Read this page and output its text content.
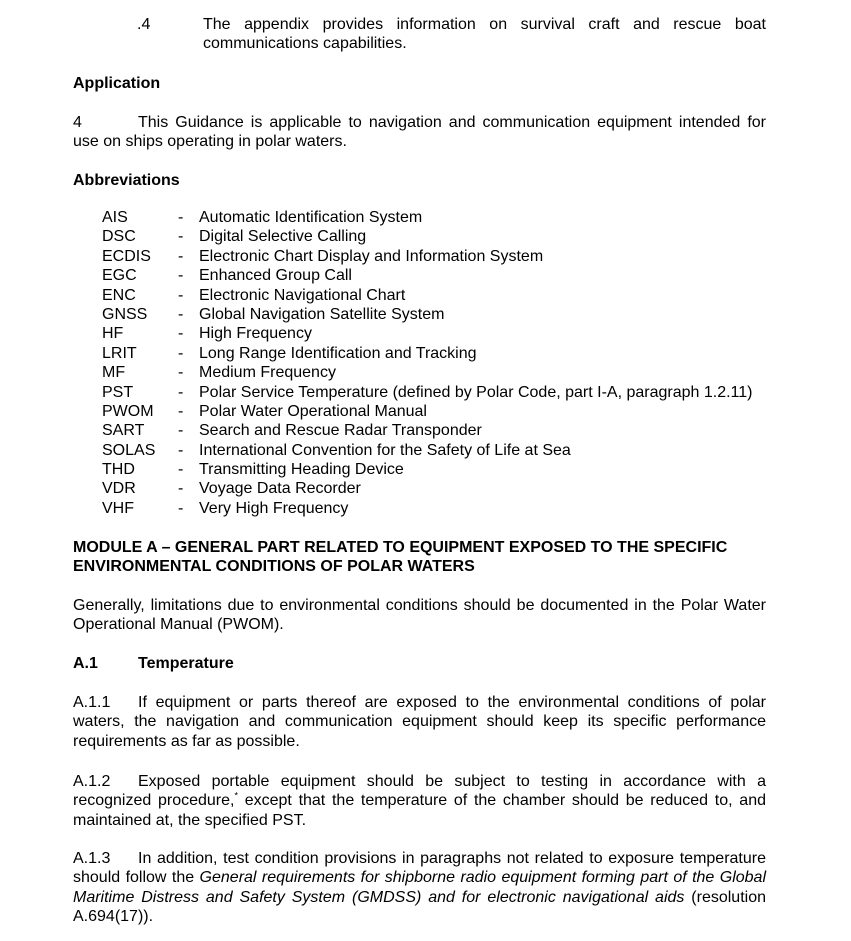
.4	The appendix provides information on survival craft and rescue boat communications capabilities.
Application
4	This Guidance is applicable to navigation and communication equipment intended for use on ships operating in polar waters.
Abbreviations
AIS	- Automatic Identification System
DSC	- Digital Selective Calling
ECDIS	- Electronic Chart Display and Information System
EGC	- Enhanced Group Call
ENC	- Electronic Navigational Chart
GNSS	- Global Navigation Satellite System
HF	- High Frequency
LRIT	- Long Range Identification and Tracking
MF	- Medium Frequency
PST	- Polar Service Temperature (defined by Polar Code, part I-A, paragraph 1.2.11)
PWOM	- Polar Water Operational Manual
SART	- Search and Rescue Radar Transponder
SOLAS	- International Convention for the Safety of Life at Sea
THD	- Transmitting Heading Device
VDR	- Voyage Data Recorder
VHF	- Very High Frequency
MODULE A – GENERAL PART RELATED TO EQUIPMENT EXPOSED TO THE SPECIFIC ENVIRONMENTAL CONDITIONS OF POLAR WATERS
Generally, limitations due to environmental conditions should be documented in the Polar Water Operational Manual (PWOM).
A.1	Temperature
A.1.1 If equipment or parts thereof are exposed to the environmental conditions of polar waters, the navigation and communication equipment should keep its specific performance requirements as far as possible.
A.1.2 Exposed portable equipment should be subject to testing in accordance with a recognized procedure,* except that the temperature of the chamber should be reduced to, and maintained at, the specified PST.
A.1.3 In addition, test condition provisions in paragraphs not related to exposure temperature should follow the General requirements for shipborne radio equipment forming part of the Global Maritime Distress and Safety System (GMDSS) and for electronic navigational aids (resolution A.694(17)).
